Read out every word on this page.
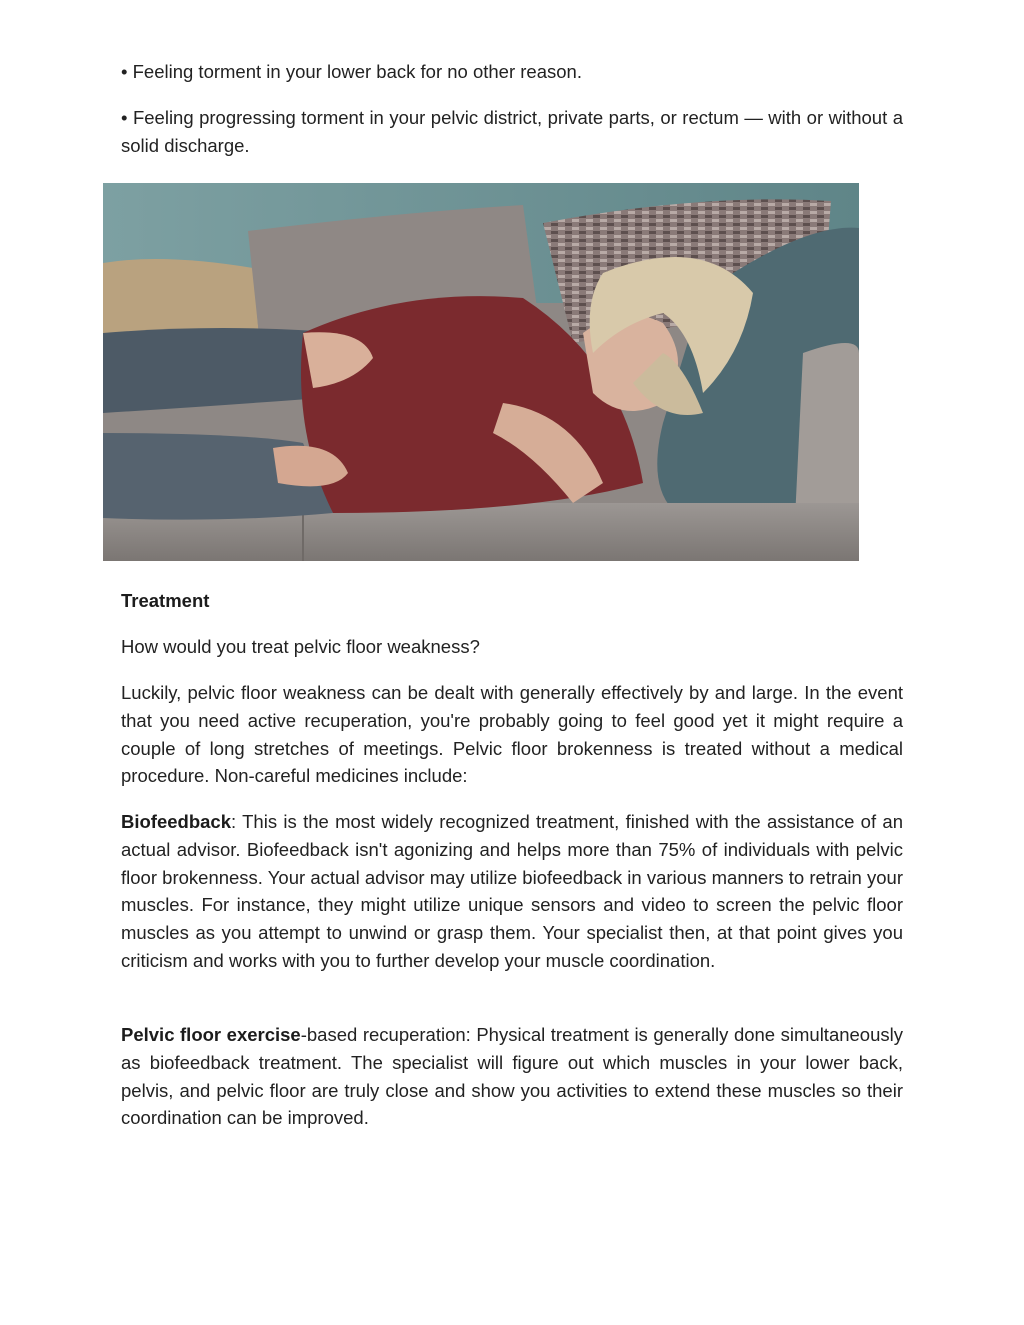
• Feeling torment in your lower back for no other reason.

• Feeling progressing torment in your pelvic district, private parts, or rectum — with or without a solid discharge.

Treatment

How would you treat pelvic floor weakness?

Luckily, pelvic floor weakness can be dealt with generally effectively by and large. In the event that you need active recuperation, you're probably going to feel good yet it might require a couple of long stretches of meetings. Pelvic floor brokenness is treated without a medical procedure. Non-careful medicines include:

Biofeedback: This is the most widely recognized treatment, finished with the assistance of an actual advisor. Biofeedback isn't agonizing and helps more than 75% of individuals with pelvic floor brokenness. Your actual advisor may utilize biofeedback in various manners to retrain your muscles. For instance, they might utilize unique sensors and video to screen the pelvic floor muscles as you attempt to unwind or grasp them. Your specialist then, at that point gives you criticism and works with you to further develop your muscle coordination.

Pelvic floor exercise-based recuperation: Physical treatment is generally done simultaneously as biofeedback treatment. The specialist will figure out which muscles in your lower back, pelvis, and pelvic floor are truly close and show you activities to extend these muscles so their coordination can be improved.
